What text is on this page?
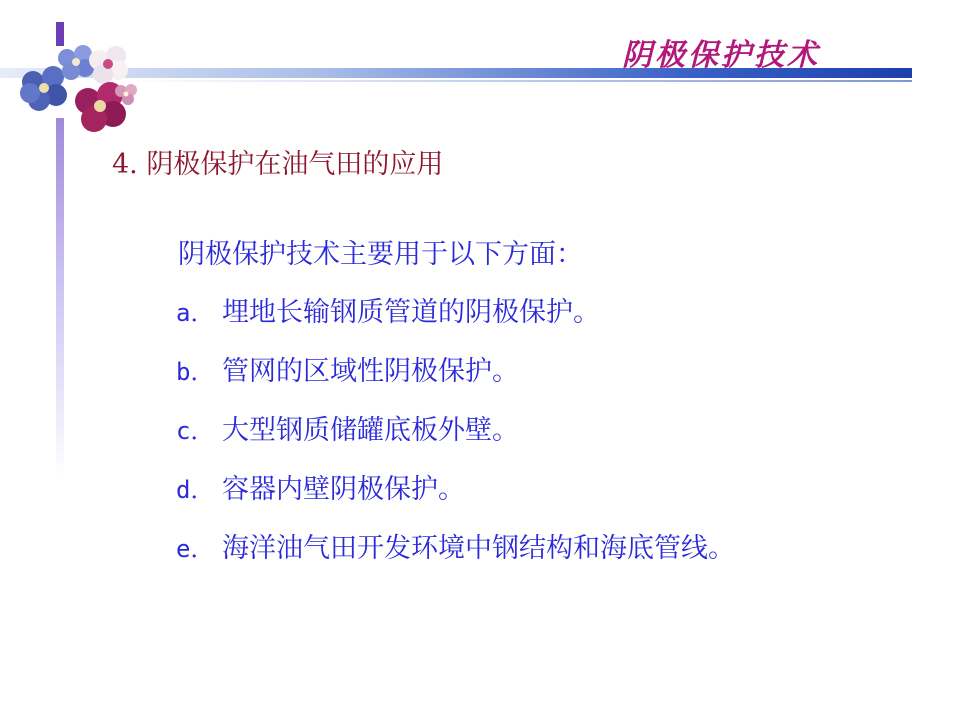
阴极保护技术
4. 阴极保护在油气田的应用
阴极保护技术主要用于以下方面：
a． 埋地长输钢质管道的阴极保护。
b． 管网的区域性阴极保护。
c． 大型钢质储罐底板外壁。
d． 容器内壁阴极保护。
e． 海洋油气田开发环境中钢结构和海底管线。
